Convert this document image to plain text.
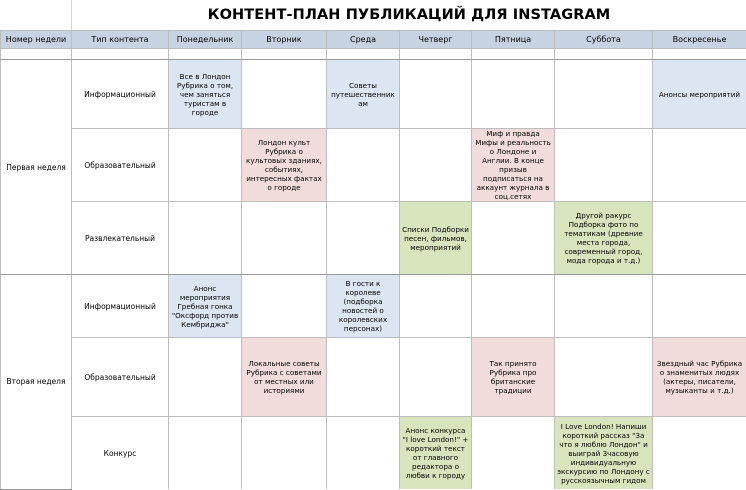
КОНТЕНТ-ПЛАН ПУБЛИКАЦИЙ ДЛЯ INSTAGRAM
Номер недели	Тип контента	Понедельник	Вторник	Среда	Четверг	Пятница	Суббота	Воскресенье

Первая неделя	Информационный	Все в Лондон Рубрика о том, чем заняться туристам в городе		Советы путешественникам				Анонсы мероприятий
	Образовательный		Лондон культ Рубрика о культовых зданиях, событиях, интересных фактах о городе			Миф и правда Мифы и реальность о Лондоне и Англии. В конце призыв подписаться на аккаунт журнала в соц.сетях		
	Развлекательный				Списки Подборки песен, фильмов, мероприятий		Другой ракурс Подборка фото по тематикам (древние места города, современный город, мода города и т.д.)	
Вторая неделя	Информационный	Анонс мероприятия Гребная гонка "Оксфорд против Кембриджа"		В гости к королеве (подборка новостей о королевских персонах)				
	Образовательный		Локальные советы Рубрика с советами от местных или историями			Так принято Рубрика про британские традиции		Звездный час Рубрика о знаменитых людях (актеры, писатели, музыканты и т.д.)
	Конкурс				Анонс конкурса "I love London!" + короткий текст от главного редактора о любви к городу		I Love London! Напиши короткий рассказ "За что я люблю Лондон" и выиграй 3часовую индивидуальную экскурсию по Лондону с русскоязычным гидом	
